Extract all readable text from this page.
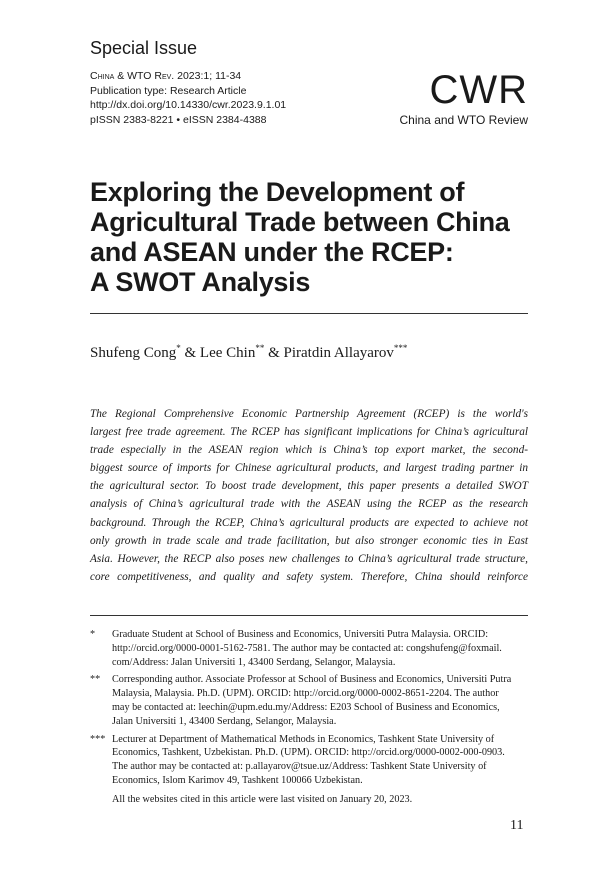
Special Issue
China & WTO Rev. 2023:1; 11-34
Publication type: Research Article
http://dx.doi.org/10.14330/cwr.2023.9.1.01
pISSN 2383-8221 • eISSN 2384-4388
CWR
China and WTO Review
Exploring the Development of
Agricultural Trade between China
and ASEAN under the RCEP:
A SWOT Analysis
Shufeng Cong* & Lee Chin** & Piratdin Allayarov***
The Regional Comprehensive Economic Partnership Agreement (RCEP) is the world's
largest free trade agreement. The RCEP has significant implications for China’s agricultural
trade especially in the ASEAN region which is China’s top export market, the second-
biggest source of imports for Chinese agricultural products, and largest trading partner in
the agricultural sector. To boost trade development, this paper presents a detailed SWOT
analysis of China’s agricultural trade with the ASEAN using the RCEP as the research
background. Through the RCEP, China’s agricultural products are expected to achieve not
only growth in trade scale and trade facilitation, but also stronger economic ties in East
Asia. However, the RECP also poses new challenges to China’s agricultural trade structure,
core competitiveness, and quality and safety system. Therefore, China should reinforce
* Graduate Student at School of Business and Economics, Universiti Putra Malaysia. ORCID:
http://orcid.org/0000-0001-5162-7581. The author may be contacted at: congshufeng@foxmail.
com/Address: Jalan Universiti 1, 43400 Serdang, Selangor, Malaysia.
** Corresponding author. Associate Professor at School of Business and Economics, Universiti Putra
Malaysia, Malaysia. Ph.D. (UPM). ORCID: http://orcid.org/0000-0002-8651-2204. The author
may be contacted at: leechin@upm.edu.my/Address: E203 School of Business and Economics,
Jalan Universiti 1, 43400 Serdang, Selangor, Malaysia.
*** Lecturer at Department of Mathematical Methods in Economics, Tashkent State University of
Economics, Tashkent, Uzbekistan. Ph.D. (UPM). ORCID: http://orcid.org/0000-0002-000-0903.
The author may be contacted at: p.allayarov@tsue.uz/Address: Tashkent State University of
Economics, Islom Karimov 49, Tashkent 100066 Uzbekistan.
All the websites cited in this article were last visited on January 20, 2023.
11
